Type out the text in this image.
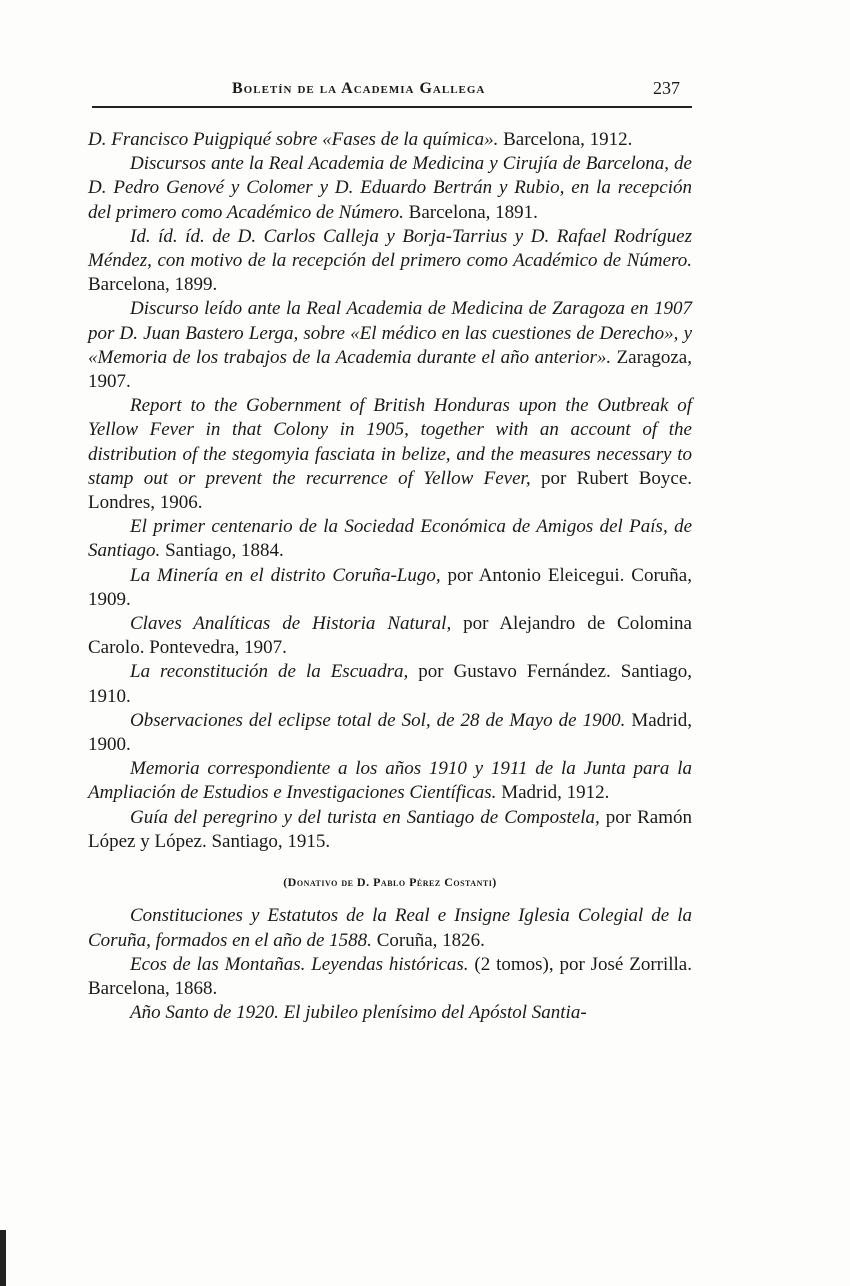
Boletín de la Academia Gallega	237

D. Francisco Puigpiqué sobre «Fases de la química». Barcelona, 1912.

Discursos ante la Real Academia de Medicina y Cirujía de Barcelona, de D. Pedro Genové y Colomer y D. Eduardo Bertrán y Rubio, en la recepción del primero como Académico de Número. Barcelona, 1891.

Id. íd. íd. de D. Carlos Calleja y Borja-Tarrius y D. Rafael Rodríguez Méndez, con motivo de la recepción del primero como Académico de Número. Barcelona, 1899.

Discurso leído ante la Real Academia de Medicina de Zaragoza en 1907 por D. Juan Bastero Lerga, sobre «El médico en las cuestiones de Derecho», y «Memoria de los trabajos de la Academia durante el año anterior». Zaragoza, 1907.

Report to the Gobernment of British Honduras upon the Outbreak of Yellow Fever in that Colony in 1905, together with an account of the distribution of the stegomyia fasciata in belize, and the measures necessary to stamp out or prevent the recurrence of Yellow Fever, por Rubert Boyce. Londres, 1906.

El primer centenario de la Sociedad Económica de Amigos del País, de Santiago. Santiago, 1884.

La Minería en el distrito Coruña-Lugo, por Antonio Eleicegui. Coruña, 1909.

Claves Analíticas de Historia Natural, por Alejandro de Colomina Carolo. Pontevedra, 1907.

La reconstitución de la Escuadra, por Gustavo Fernández. Santiago, 1910.

Observaciones del eclipse total de Sol, de 28 de Mayo de 1900. Madrid, 1900.

Memoria correspondiente a los años 1910 y 1911 de la Junta para la Ampliación de Estudios e Investigaciones Científicas. Madrid, 1912.

Guía del peregrino y del turista en Santiago de Compostela, por Ramón López y López. Santiago, 1915.

(Donativo de D. Pablo Pérez Costanti)

Constituciones y Estatutos de la Real e Insigne Iglesia Colegial de la Coruña, formados en el año de 1588. Coruña, 1826.

Ecos de las Montañas. Leyendas históricas. (2 tomos), por José Zorrilla. Barcelona, 1868.

Año Santo de 1920. El jubileo plenísimo del Apóstol Santia-
